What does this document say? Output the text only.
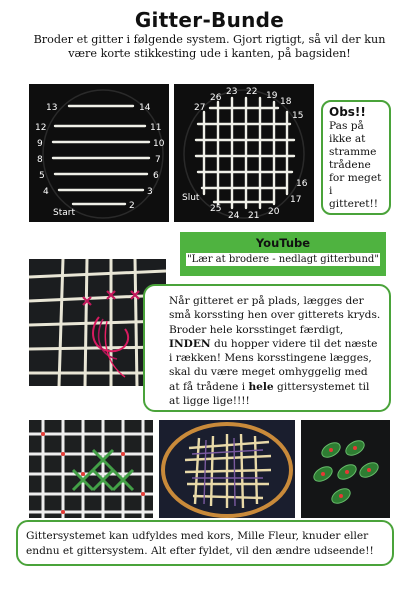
Gitter-Bunde
Broder et gitter i følgende system. Gjort rigtigt, så vil der kun være korte stikkesting ude i kanten, på bagsiden!
13
12
9
8
5
4
14
11
10
7
6
3
2
Start
23 22 19
26
27
18
15
16
17
25
24 21 20
Slut
Obs!!
Pas på ikke at stramme trådene for meget i gitteret!!
YouTube
"Lær at brodere - nedlagt gitterbund"
Når gitteret er på plads, lægges der små korssting hen over gitterets kryds. Broder hele korsstinget færdigt, INDEN du hopper videre til det næste i rækken! Mens korsstingene lægges, skal du være meget omhyggelig med at få trådene i hele gittersystemet til at ligge lige!!!!
Gittersystemet kan udfyldes med kors, Mille Fleur, knuder eller endnu et gittersystem. Alt efter fyldet, vil den ændre udseende!!
